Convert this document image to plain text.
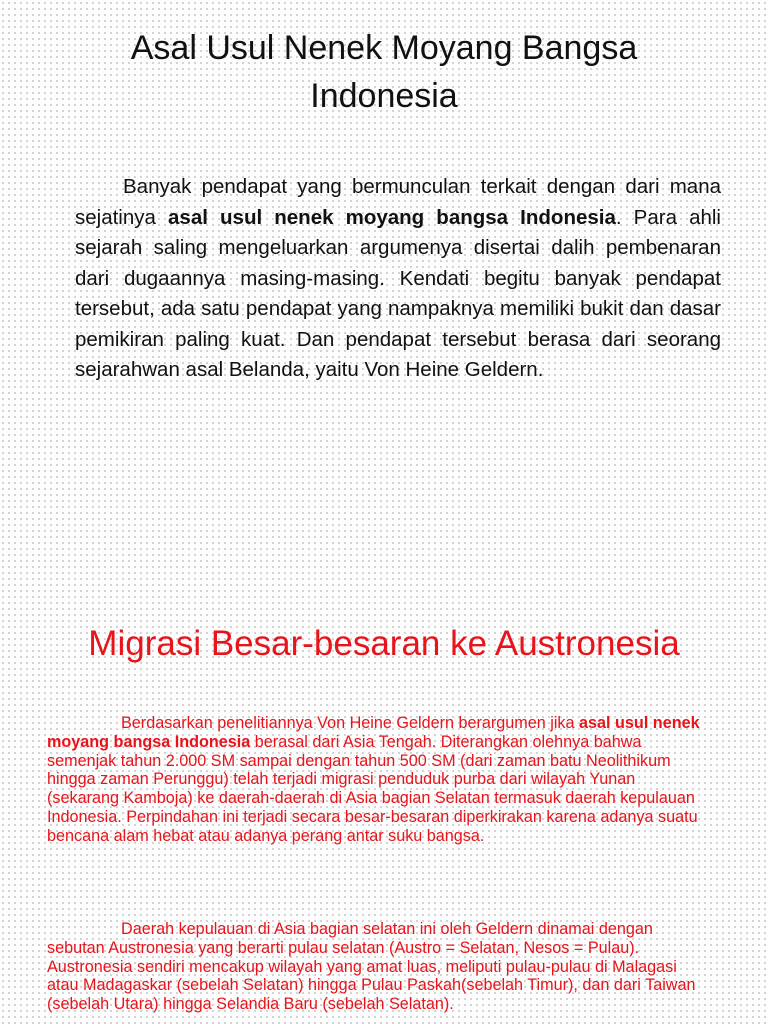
Asal Usul Nenek Moyang Bangsa Indonesia

Banyak pendapat yang bermunculan terkait dengan dari mana sejatinya asal usul nenek moyang bangsa Indonesia. Para ahli sejarah saling mengeluarkan argumenya disertai dalih pembenaran dari dugaannya masing-masing. Kendati begitu banyak pendapat tersebut, ada satu pendapat yang nampaknya memiliki bukit dan dasar pemikiran paling kuat. Dan pendapat tersebut berasa dari seorang sejarahwan asal Belanda, yaitu Von Heine Geldern.

Migrasi Besar-besaran ke Austronesia

Berdasarkan penelitiannya Von Heine Geldern berargumen jika asal usul nenek moyang bangsa Indonesia berasal dari Asia Tengah. Diterangkan olehnya bahwa semenjak tahun 2.000 SM sampai dengan tahun 500 SM (dari zaman batu Neolithikum hingga zaman Perunggu) telah terjadi migrasi penduduk purba dari wilayah Yunan (sekarang Kamboja) ke daerah-daerah di Asia bagian Selatan termasuk daerah kepulauan Indonesia. Perpindahan ini terjadi secara besar-besaran diperkirakan karena adanya suatu bencana alam hebat atau adanya perang antar suku bangsa.

Daerah kepulauan di Asia bagian selatan ini oleh Geldern dinamai dengan sebutan Austronesia yang berarti pulau selatan (Austro = Selatan, Nesos = Pulau). Austronesia sendiri mencakup wilayah yang amat luas, meliputi pulau-pulau di Malagasi atau Madagaskar (sebelah Selatan) hingga Pulau Paskah(sebelah Timur), dan dari Taiwan (sebelah Utara) hingga Selandia Baru (sebelah Selatan).
